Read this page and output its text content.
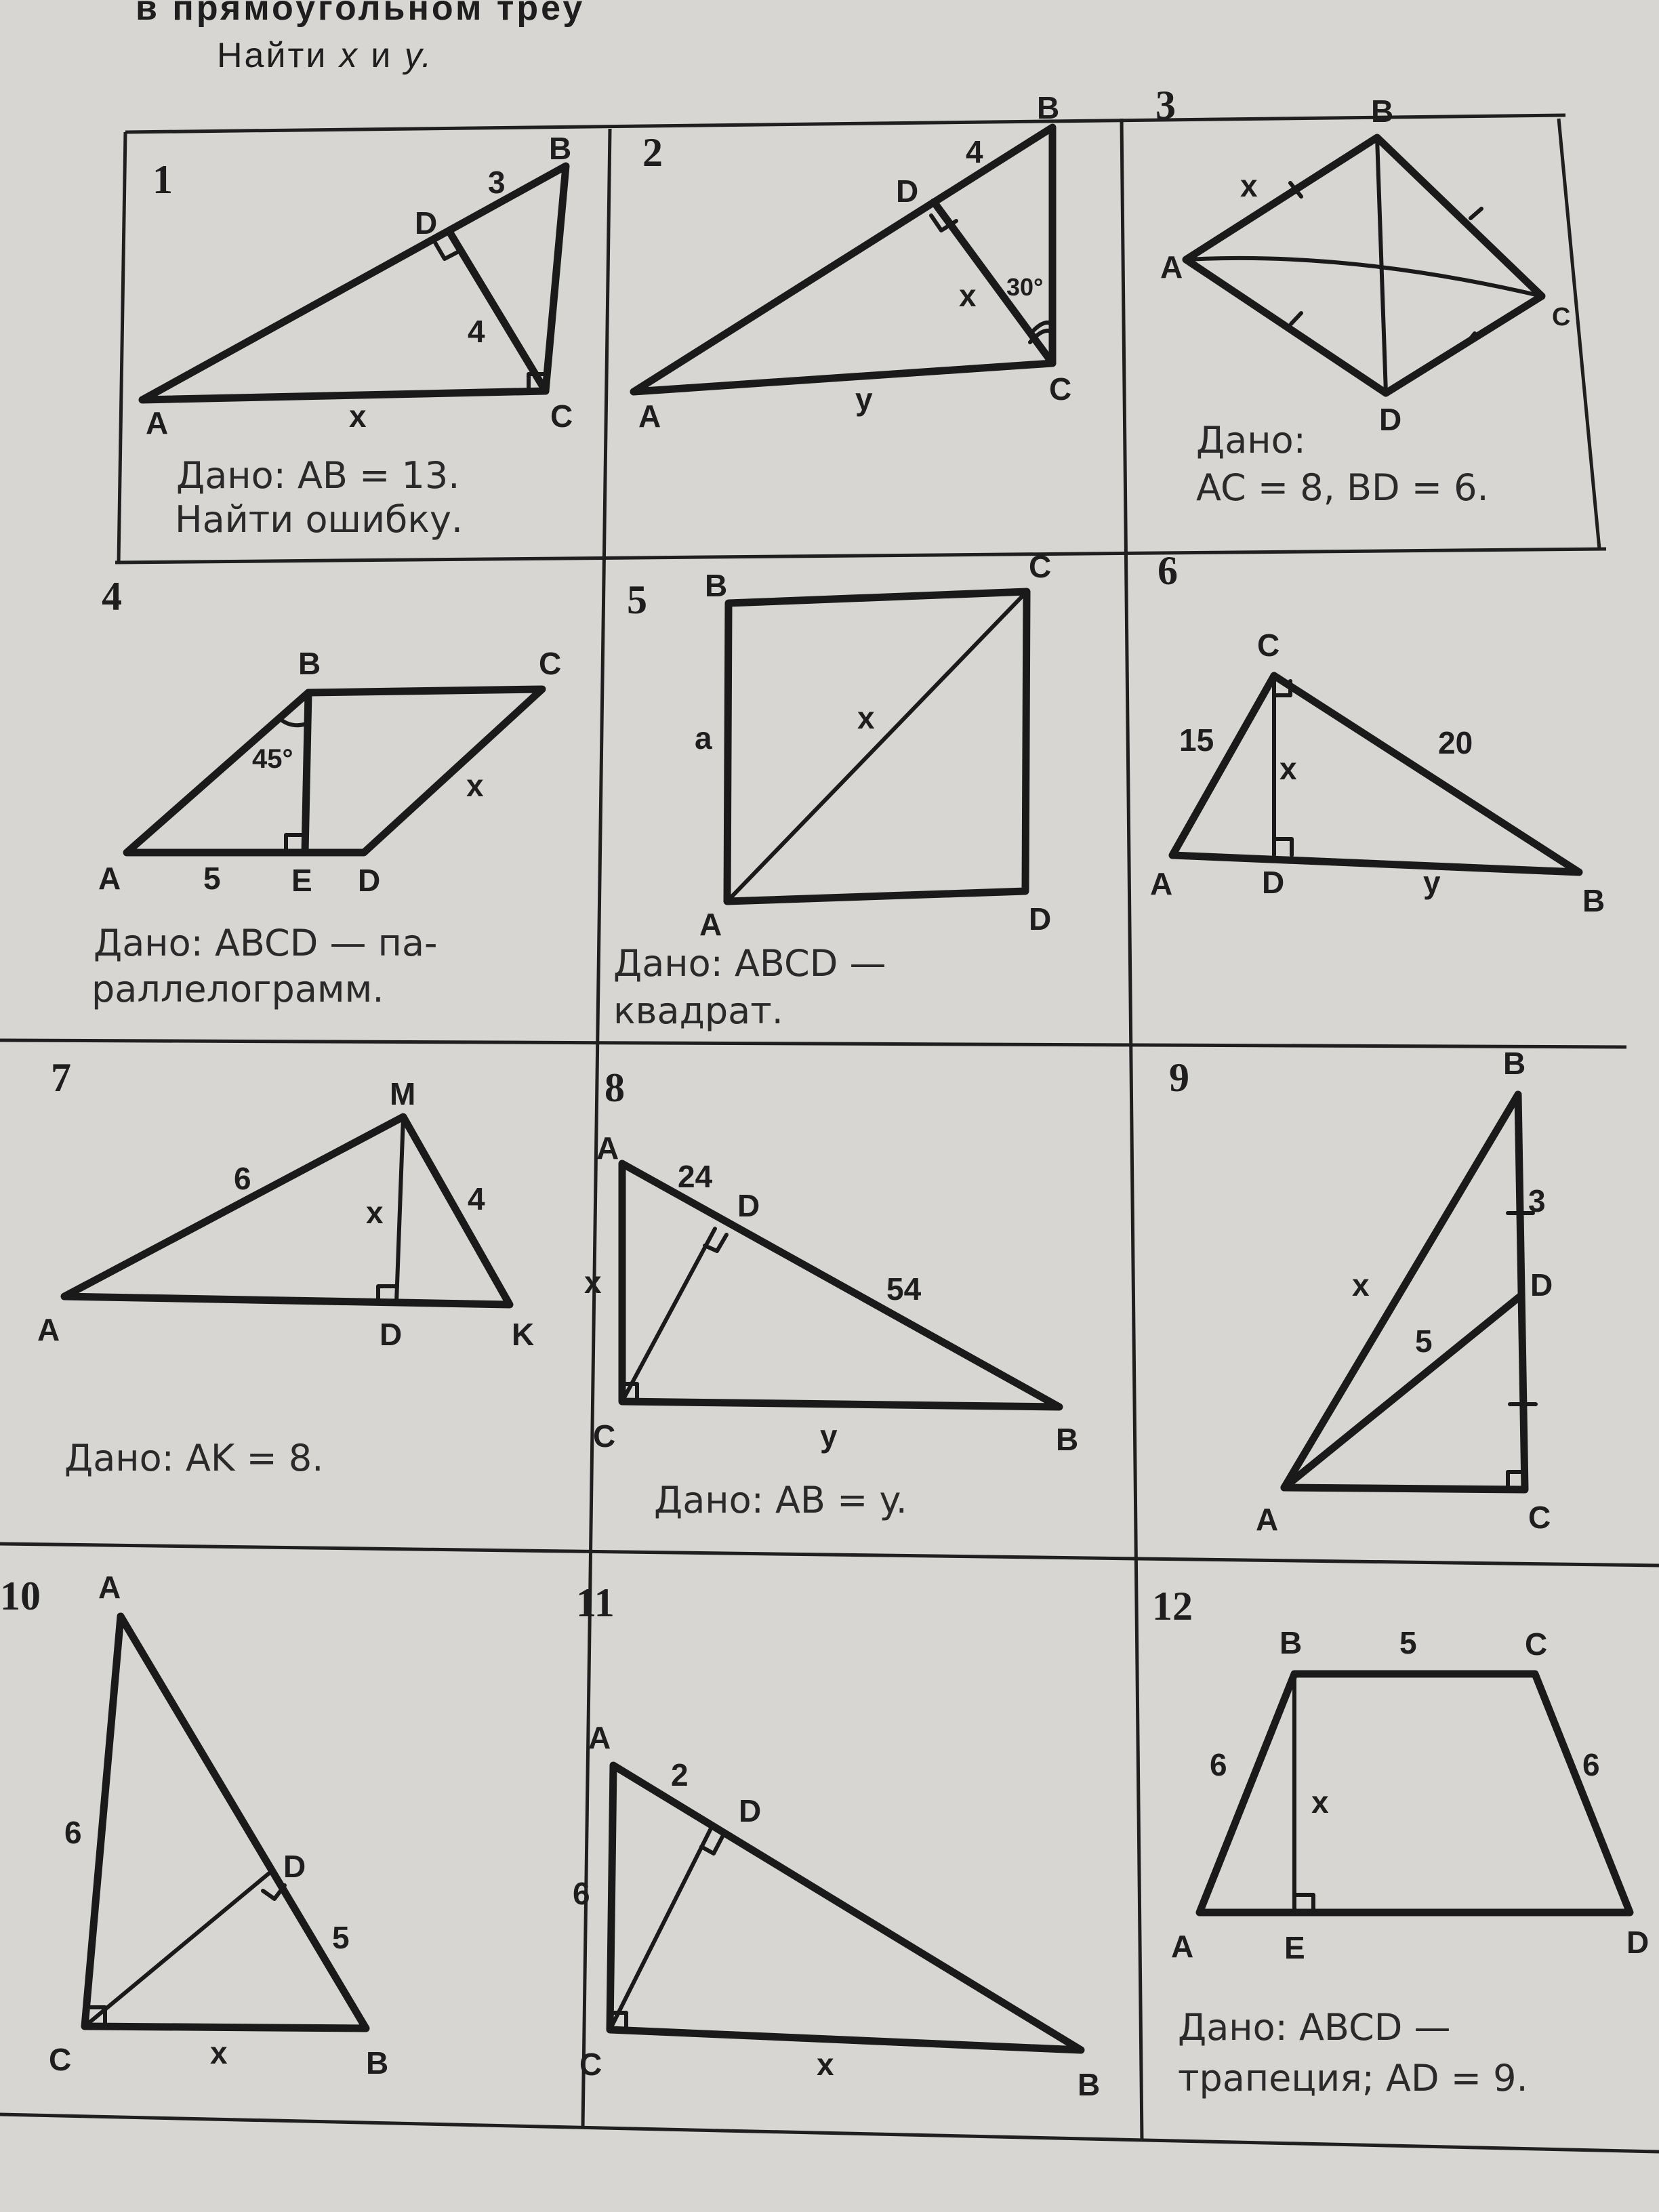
в прямоугольном треу
Найти x и y.
1
A
B
C
D
3
4
x
Дано: AB = 13.
Найти ошибку.
2
A
B
C
D
4
x
y
30°
3
A
B
C
D
x
Дано:
AC = 8, BD = 6.
4
A
B	C
D
E
45°
5
x
Дано: ABCD — па-
раллелограмм.
5
A
B
C
D
a
x
Дано: ABCD —
квадрат.
6
A	B
C
D
15	20
x
y
7
A
M
D	K
6
4
x
Дано: AK = 8.
8
A
D
C	B
24
54
x
y
Дано: AB = y.
9	B
D
A	C
3
x
5
10 A
D
C	B
6
5
x
11
A
D
C
B
2
6
x
12
B	C
A	E	D
5
6	6
x
Дано: ABCD —
трапеция; AD = 9.
